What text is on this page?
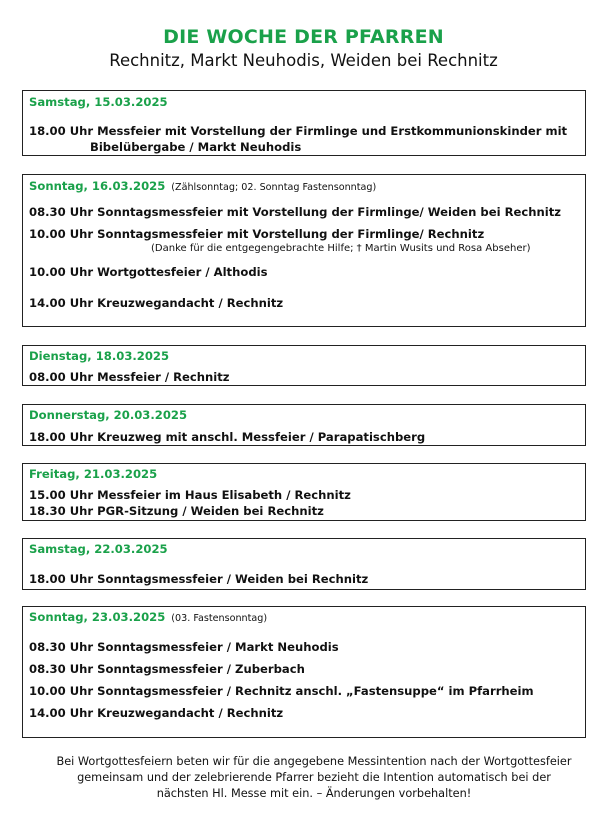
DIE WOCHE DER PFARREN
Rechnitz, Markt Neuhodis, Weiden bei Rechnitz
Samstag, 15.03.2025
18.00 Uhr Messfeier mit Vorstellung der Firmlinge und Erstkommunionskinder mit
Bibelübergabe / Markt Neuhodis
Sonntag, 16.03.2025 (Zählsonntag; 02. Sonntag Fastensonntag)
08.30 Uhr Sonntagsmessfeier mit Vorstellung der Firmlinge/ Weiden bei Rechnitz
10.00 Uhr Sonntagsmessfeier mit Vorstellung der Firmlinge/ Rechnitz
(Danke für die entgegengebrachte Hilfe; † Martin Wusits und Rosa Abseher)
10.00 Uhr Wortgottesfeier / Althodis
14.00 Uhr Kreuzwegandacht / Rechnitz
Dienstag, 18.03.2025
08.00 Uhr Messfeier / Rechnitz
Donnerstag, 20.03.2025
18.00 Uhr Kreuzweg mit anschl. Messfeier / Parapatischberg
Freitag, 21.03.2025
15.00 Uhr Messfeier im Haus Elisabeth / Rechnitz
18.30 Uhr PGR-Sitzung / Weiden bei Rechnitz
Samstag, 22.03.2025
18.00 Uhr Sonntagsmessfeier / Weiden bei Rechnitz
Sonntag, 23.03.2025 (03. Fastensonntag)
08.30 Uhr Sonntagsmessfeier / Markt Neuhodis
08.30 Uhr Sonntagsmessfeier / Zuberbach
10.00 Uhr Sonntagsmessfeier / Rechnitz anschl. „Fastensuppe“ im Pfarrheim
14.00 Uhr Kreuzwegandacht / Rechnitz
Bei Wortgottesfeiern beten wir für die angegebene Messintention nach der Wortgottesfeier
gemeinsam und der zelebrierende Pfarrer bezieht die Intention automatisch bei der
nächsten Hl. Messe mit ein. – Änderungen vorbehalten!
